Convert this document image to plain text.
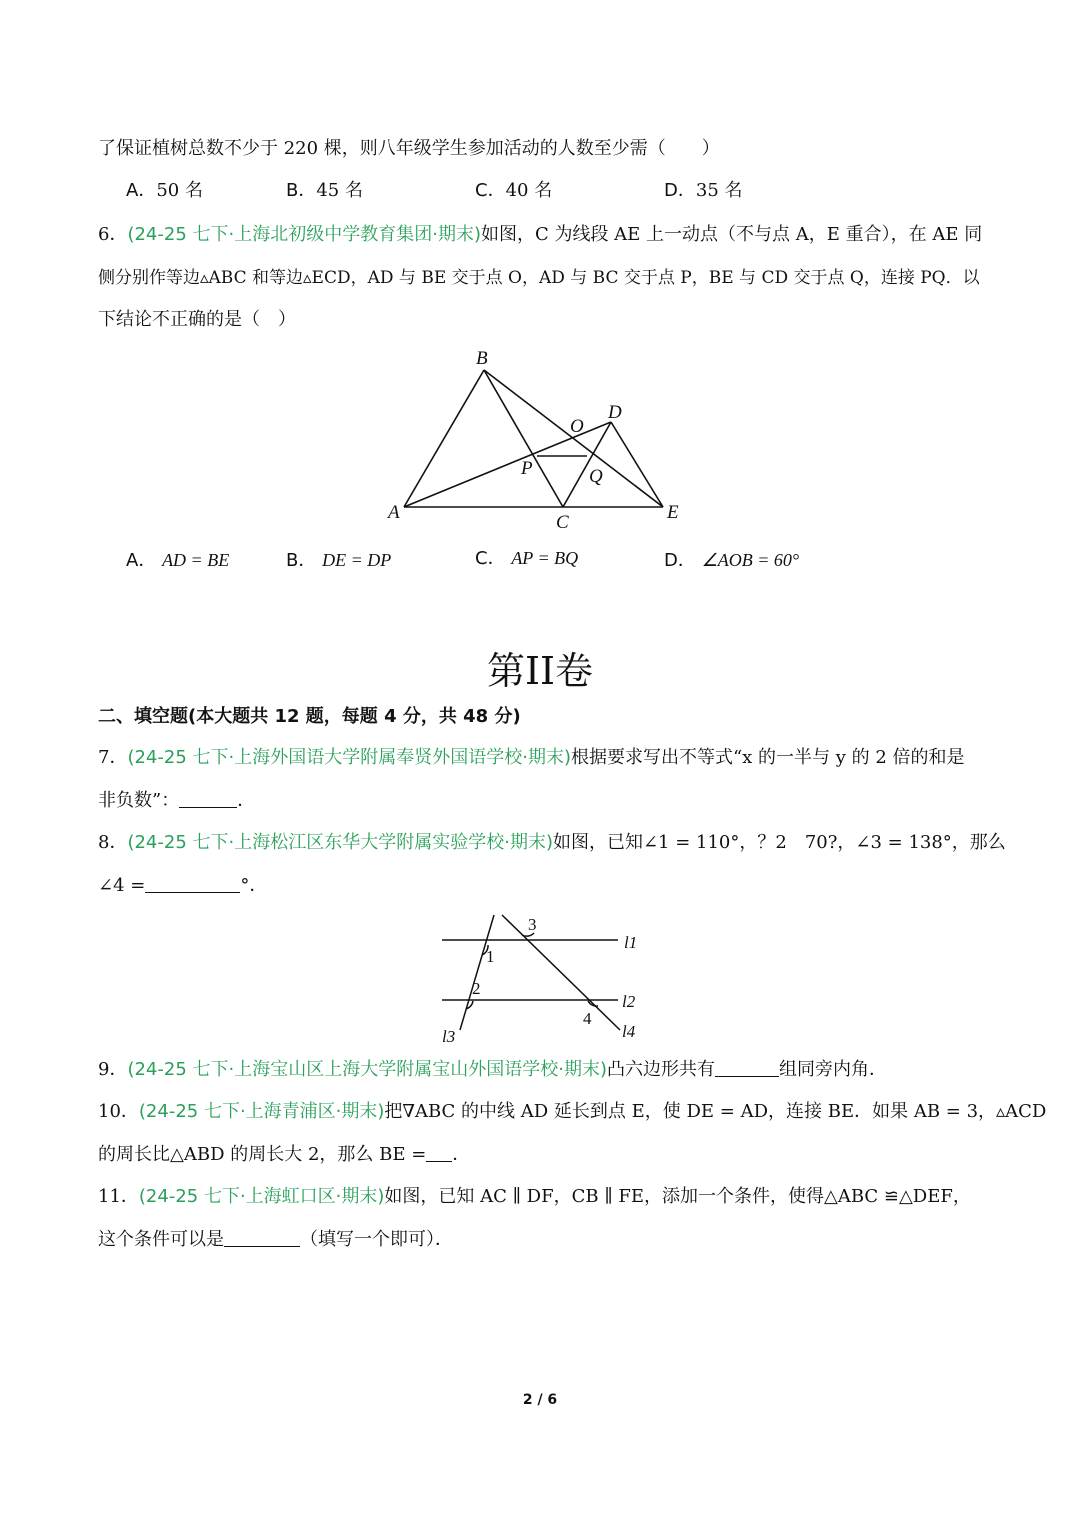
了保证植树总数不少于 220 棵，则八年级学生参加活动的人数至少需（　　）
A．50 名	B．45 名	C．40 名	D．35 名
6．(24-25 七下·上海北初级中学教育集团·期末)如图，C 为线段 AE 上一动点（不与点 A，E 重合），在 AE 同
侧分别作等边▵ABC 和等边▵ECD，AD 与 BE 交于点 O，AD 与 BC 交于点 P，BE 与 CD 交于点 Q，连接 PQ．以
下结论不正确的是（　）
B
D
O
P	Q
A	C	E
A． AD = BE	B． DE = DP	C． AP = BQ	D． ∠AOB = 60°
第II卷
二、填空题(本大题共 12 题，每题 4 分，共 48 分)
7．(24-25 七下·上海外国语大学附属奉贤外国语学校·期末)根据要求写出不等式“x 的一半与 y 的 2 倍的和是
非负数”：	．
8．(24-25 七下·上海松江区东华大学附属实验学校·期末)如图，已知∠1 = 110°，？2　70?，∠3 = 138°，那么
∠4 =	°．
3
1
2
4
l1
l2
l3	l4
9．(24-25 七下·上海宝山区上海大学附属宝山外国语学校·期末)凸六边形共有	组同旁内角．
10．(24-25 七下·上海青浦区·期末)把∇ABC 的中线 AD 延长到点 E，使 DE = AD，连接 BE．如果 AB = 3，▵ACD
的周长比△ABD 的周长大 2，那么 BE = ．
11．(24-25 七下·上海虹口区·期末)如图，已知 AC ∥ DF，CB ∥ FE，添加一个条件，使得△ABC ≌△DEF，
这个条件可以是	（填写一个即可）．
2 / 6
